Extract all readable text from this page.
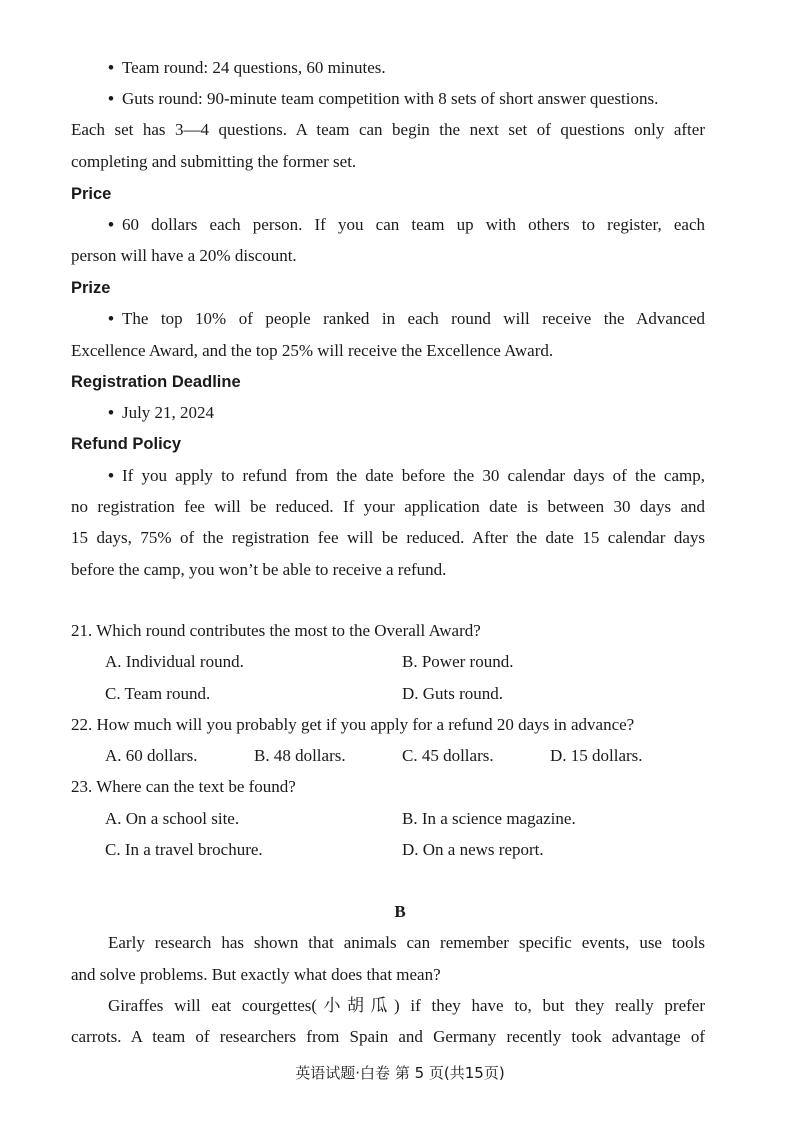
• Team round: 24 questions, 60 minutes.
• Guts round: 90-minute team competition with 8 sets of short answer questions.
Each set has 3—4 questions. A team can begin the next set of questions only after
completing and submitting the former set.
Price
• 60 dollars each person. If you can team up with others to register, each
person will have a 20% discount.
Prize
• The top 10% of people ranked in each round will receive the Advanced
Excellence Award, and the top 25% will receive the Excellence Award.
Registration Deadline
• July 21, 2024
Refund Policy
• If you apply to refund from the date before the 30 calendar days of the camp,
no registration fee will be reduced. If your application date is between 30 days and
15 days, 75% of the registration fee will be reduced. After the date 15 calendar days
before the camp, you won’t be able to receive a refund.
21. Which round contributes the most to the Overall Award?
A. Individual round.	B. Power round.
C. Team round.	D. Guts round.
22. How much will you probably get if you apply for a refund 20 days in advance?
A. 60 dollars.	B. 48 dollars.	C. 45 dollars.	D. 15 dollars.
23. Where can the text be found?
A. On a school site.	B. In a science magazine.
C. In a travel brochure.	D. On a news report.
B
Early research has shown that animals can remember specific events, use tools
and solve problems. But exactly what does that mean?
Giraffes will eat courgettes(小胡瓜) if they have to, but they really prefer
carrots. A team of researchers from Spain and Germany recently took advantage of
英语试题·白卷 第 5 页(共15页)
